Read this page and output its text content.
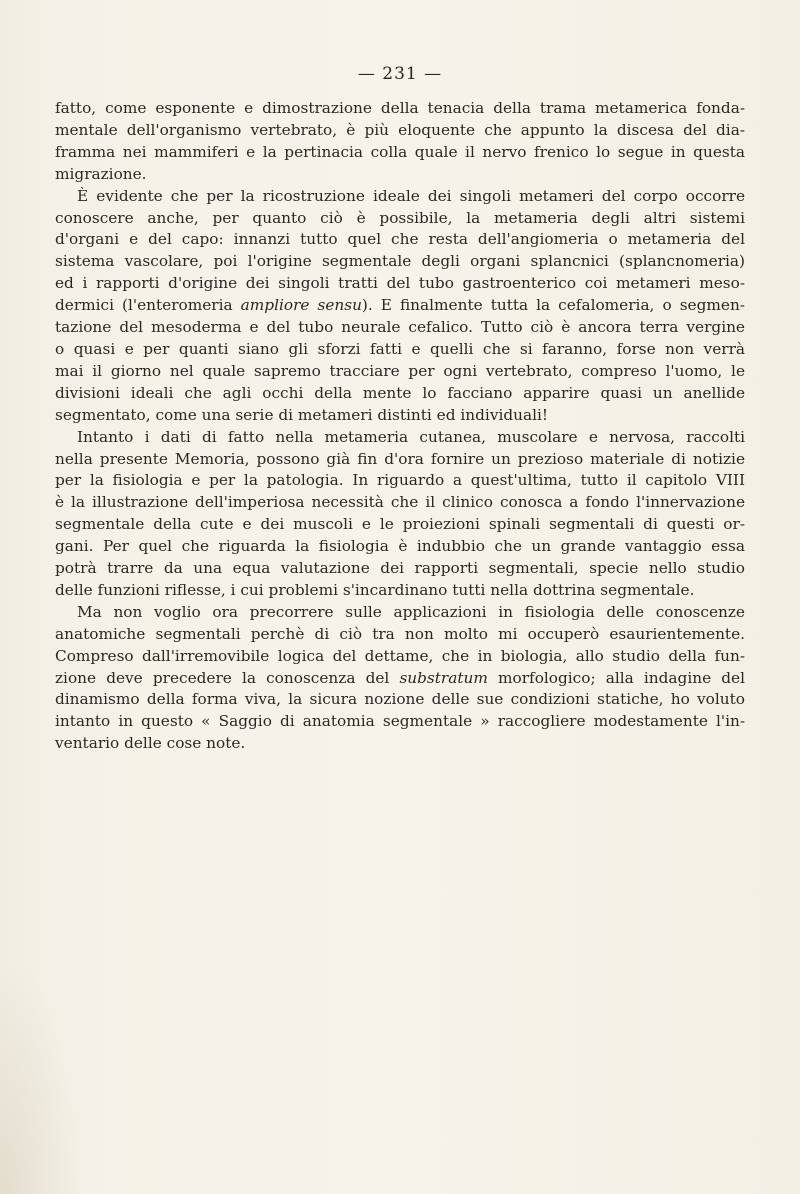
— 231 —

fatto, come esponente e dimostrazione della tenacia della trama metamerica fonda-
mentale dell'organismo vertebrato, è più eloquente che appunto la discesa del dia-
framma nei mammiferi e la pertinacia colla quale il nervo frenico lo segue in questa
migrazione.

È evidente che per la ricostruzione ideale dei singoli metameri del corpo occorre
conoscere anche, per quanto ciò è possibile, la metameria degli altri sistemi
d'organi e del capo: innanzi tutto quel che resta dell'angiomeria o metameria del
sistema vascolare, poi l'origine segmentale degli organi splancnici (splancnomeria)
ed i rapporti d'origine dei singoli tratti del tubo gastroenterico coi metameri meso-
dermici (l'enteromeria ampliore sensu). E finalmente tutta la cefalomeria, o segmen-
tazione del mesoderma e del tubo neurale cefalico. Tutto ciò è ancora terra vergine
o quasi e per quanti siano gli sforzi fatti e quelli che si faranno, forse non verrà
mai il giorno nel quale sapremo tracciare per ogni vertebrato, compreso l'uomo, le
divisioni ideali che agli occhi della mente lo facciano apparire quasi un anellide
segmentato, come una serie di metameri distinti ed individuali!

Intanto i dati di fatto nella metameria cutanea, muscolare e nervosa, raccolti
nella presente Memoria, possono già fin d'ora fornire un prezioso materiale di notizie
per la fisiologia e per la patologia. In riguardo a quest'ultima, tutto il capitolo VIII
è la illustrazione dell'imperiosa necessità che il clinico conosca a fondo l'innervazione
segmentale della cute e dei muscoli e le proiezioni spinali segmentali di questi or-
gani. Per quel che riguarda la fisiologia è indubbio che un grande vantaggio essa
potrà trarre da una equa valutazione dei rapporti segmentali, specie nello studio
delle funzioni riflesse, i cui problemi s'incardinano tutti nella dottrina segmentale.

Ma non voglio ora precorrere sulle applicazioni in fisiologia delle conoscenze
anatomiche segmentali perchè di ciò tra non molto mi occuperò esaurientemente.
Compreso dall'irremovibile logica del dettame, che in biologia, allo studio della fun-
zione deve precedere la conoscenza del substratum morfologico; alla indagine del
dinamismo della forma viva, la sicura nozione delle sue condizioni statiche, ho voluto
intanto in questo « Saggio di anatomia segmentale » raccogliere modestamente l'in-
ventario delle cose note.
